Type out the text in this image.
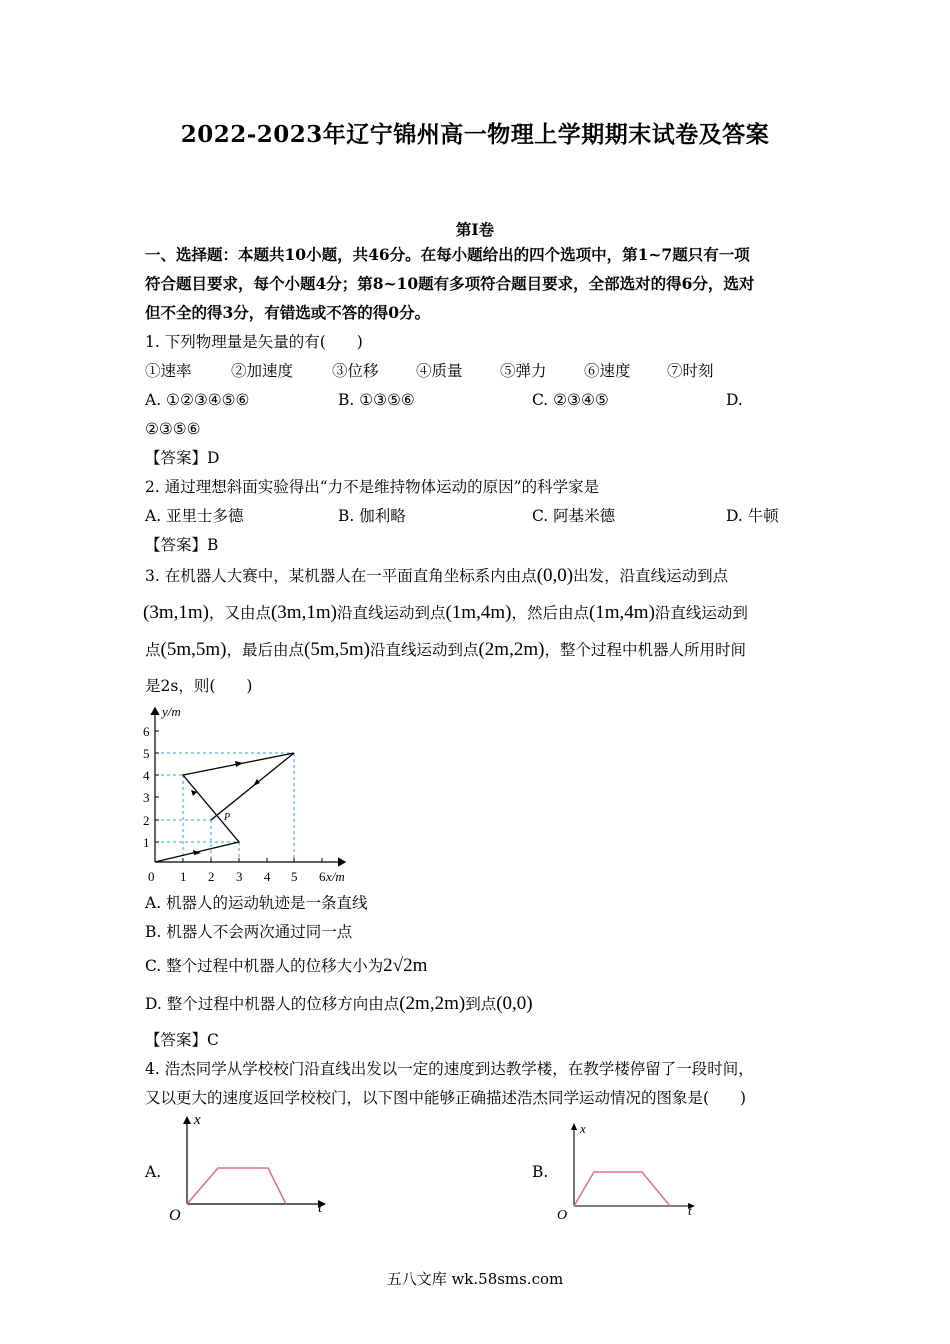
2022-2023年辽宁锦州高一物理上学期期末试卷及答案
第Ⅰ卷
一、选择题：本题共10小题，共46分。在每小题给出的四个选项中，第1~7题只有一项
符合题目要求，每个小题4分；第8~10题有多项符合题目要求，全部选对的得6分，选对
但不全的得3分，有错选或不答的得0分。
1. 下列物理量是矢量的有(　　)
①速率	②加速度	③位移 ④质量 ⑤弹力 ⑥速度 ⑦时刻
A. ①②③④⑤⑥	B. ①③⑤⑥	C. ②③④⑤	D.
②③⑤⑥
【答案】D
2. 通过理想斜面实验得出“力不是维持物体运动的原因”的科学家是
A. 亚里士多德	B. 伽利略	C. 阿基米德	D. 牛顿
【答案】B
3. 在机器人大赛中，某机器人在一平面直角坐标系内由点(0,0)出发，沿直线运动到点
(3m,1m)，又由点(3m,1m)沿直线运动到点(1m,4m)，然后由点(1m,4m)沿直线运动到
点(5m,5m)，最后由点(5m,5m)沿直线运动到点(2m,2m)，整个过程中机器人所用时间
是2s，则(　　)
y/m
x/m
0 1 2 3 4 5 6
1
2
3
4
5
6
P
A. 机器人的运动轨迹是一条直线
B. 机器人不会两次通过同一点
C. 整个过程中机器人的位移大小为2√2m
D. 整个过程中机器人的位移方向由点(2m,2m)到点(0,0)
【答案】C
4. 浩杰同学从学校校门沿直线出发以一定的速度到达教学楼，在教学楼停留了一段时间，
又以更大的速度返回学校校门，以下图中能够正确描述浩杰同学运动情况的图象是(　　)
A.
x
t
O
B.
x
t
O
五八文库 wk.58sms.com
